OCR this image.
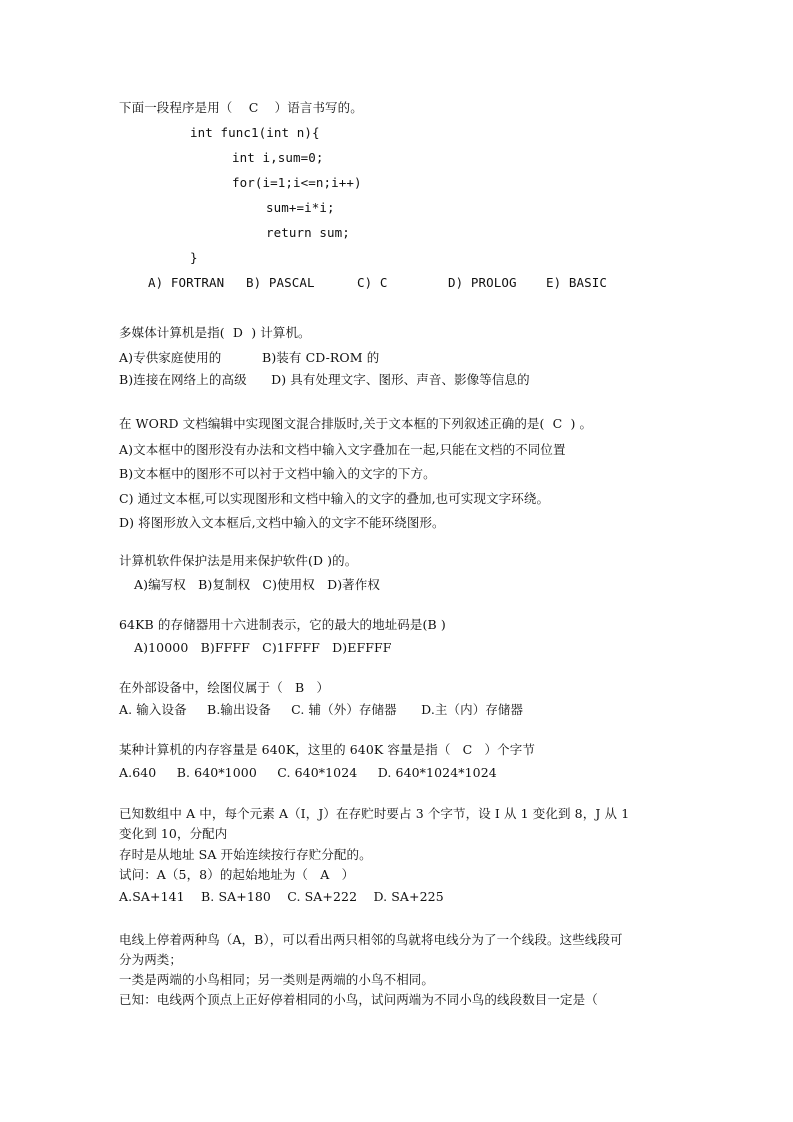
下面一段程序是用（    C    ）语言书写的。
int func1(int n){
int i,sum=0;
for(i=1;i<=n;i++)
sum+=i*i;
return sum;
}
A) FORTRAN B) PASCAL	C) C	D) PROLOG E) BASIC
多媒体计算机是指(  D  ) 计算机。
A)专供家庭使用的          B)装有 CD-ROM 的
B)连接在网络上的高级      D) 具有处理文字、图形、声音、影像等信息的
在 WORD 文档编辑中实现图文混合排版时,关于文本框的下列叙述正确的是(  C  ) 。
A)文本框中的图形没有办法和文档中输入文字叠加在一起,只能在文档的不同位置
B)文本框中的图形不可以衬于文档中输入的文字的下方。
C) 通过文本框,可以实现图形和文档中输入的文字的叠加,也可实现文字环绕。
D) 将图形放入文本框后,文档中输入的文字不能环绕图形。
计算机软件保护法是用来保护软件(D )的。
A)编写权   B)复制权   C)使用权   D)著作权
64KB 的存储器用十六进制表示，它的最大的地址码是(B )
A)10000   B)FFFF   C)1FFFF   D)EFFFF
在外部设备中，绘图仪属于（   B   ）
A. 输入设备     B.输出设备     C. 辅（外）存储器      D.主（内）存储器
某种计算机的内存容量是 640K，这里的 640K 容量是指（   C   ）个字节
A.640     B. 640*1000     C. 640*1024     D. 640*1024*1024
已知数组中 A 中，每个元素 A（I，J）在存贮时要占 3 个字节，设 I 从 1 变化到 8，J 从 1
变化到 10，分配内
存时是从地址 SA 开始连续按行存贮分配的。
试问：A（5，8）的起始地址为（   A   ）
A.SA+141    B. SA+180    C. SA+222    D. SA+225
电线上停着两种鸟（A，B），可以看出两只相邻的鸟就将电线分为了一个线段。这些线段可
分为两类；
一类是两端的小鸟相同；另一类则是两端的小鸟不相同。
已知：电线两个顶点上正好停着相同的小鸟，试问两端为不同小鸟的线段数目一定是（
